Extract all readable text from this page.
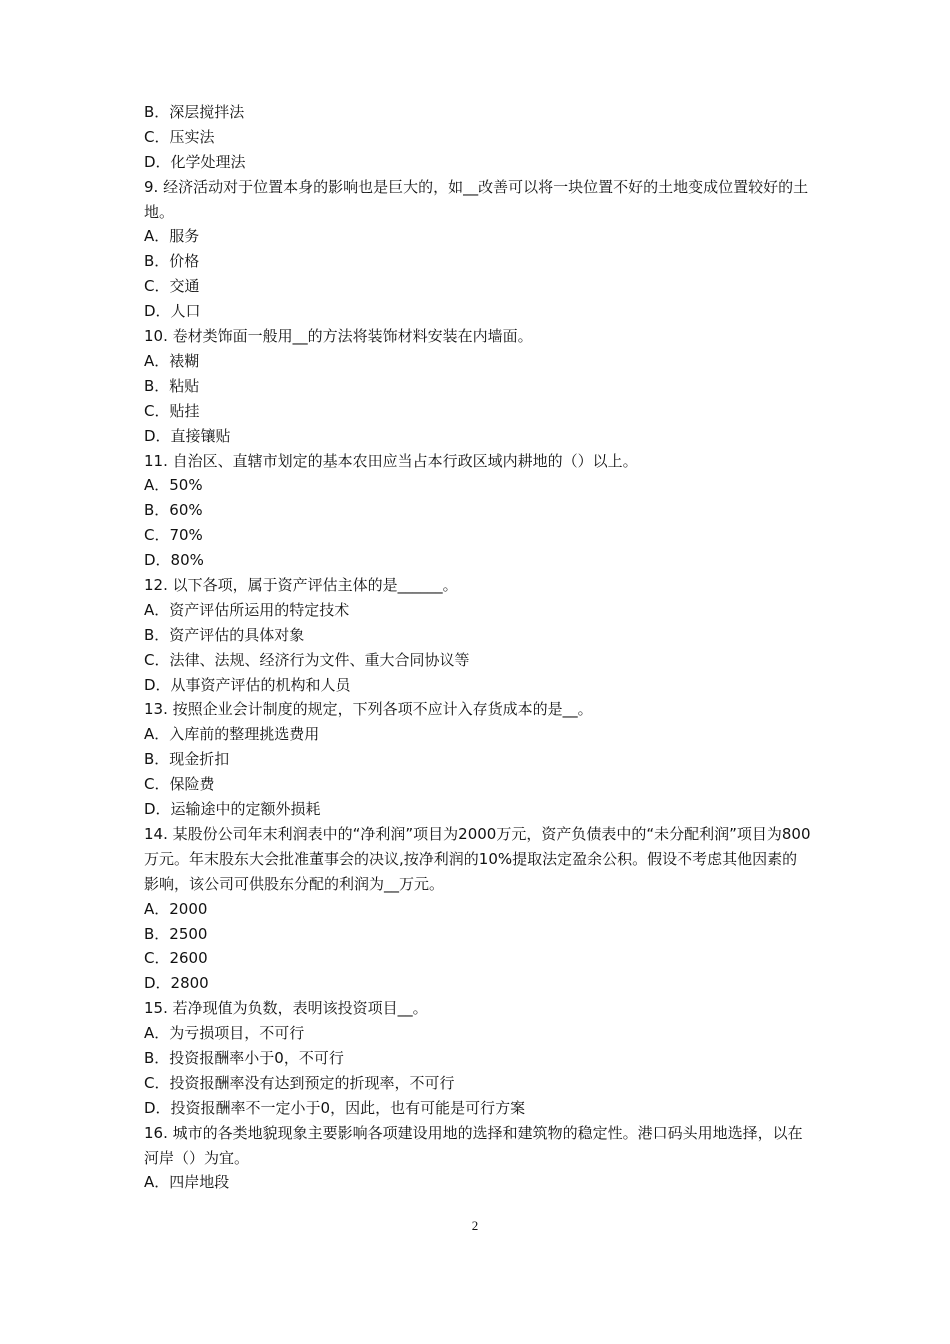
B．深层搅拌法
C．压实法
D．化学处理法
9. 经济活动对于位置本身的影响也是巨大的，如__改善可以将一块位置不好的土地变成位置较好的土地。
A．服务
B．价格
C．交通
D．人口
10. 卷材类饰面一般用__的方法将装饰材料安装在内墙面。
A．裱糊
B．粘贴
C．贴挂
D．直接镶贴
11. 自治区、直辖市划定的基本农田应当占本行政区域内耕地的（）以上。
A．50%
B．60%
C．70%
D．80%
12. 以下各项，属于资产评估主体的是______。
A．资产评估所运用的特定技术
B．资产评估的具体对象
C．法律、法规、经济行为文件、重大合同协议等
D．从事资产评估的机构和人员
13. 按照企业会计制度的规定，下列各项不应计入存货成本的是__。
A．入库前的整理挑选费用
B．现金折扣
C．保险费
D．运输途中的定额外损耗
14. 某股份公司年末利润表中的“净利润”项目为2000万元，资产负债表中的“未分配利润”项目为800万元。年末股东大会批准董事会的决议,按净利润的10%提取法定盈余公积。假设不考虑其他因素的影响，该公司可供股东分配的利润为__万元。
A．2000
B．2500
C．2600
D．2800
15. 若净现值为负数，表明该投资项目__。
A．为亏损项目，不可行
B．投资报酬率小于0，不可行
C．投资报酬率没有达到预定的折现率，不可行
D．投资报酬率不一定小于0，因此，也有可能是可行方案
16. 城市的各类地貌现象主要影响各项建设用地的选择和建筑物的稳定性。港口码头用地选择，以在河岸（）为宜。
A．四岸地段
2
